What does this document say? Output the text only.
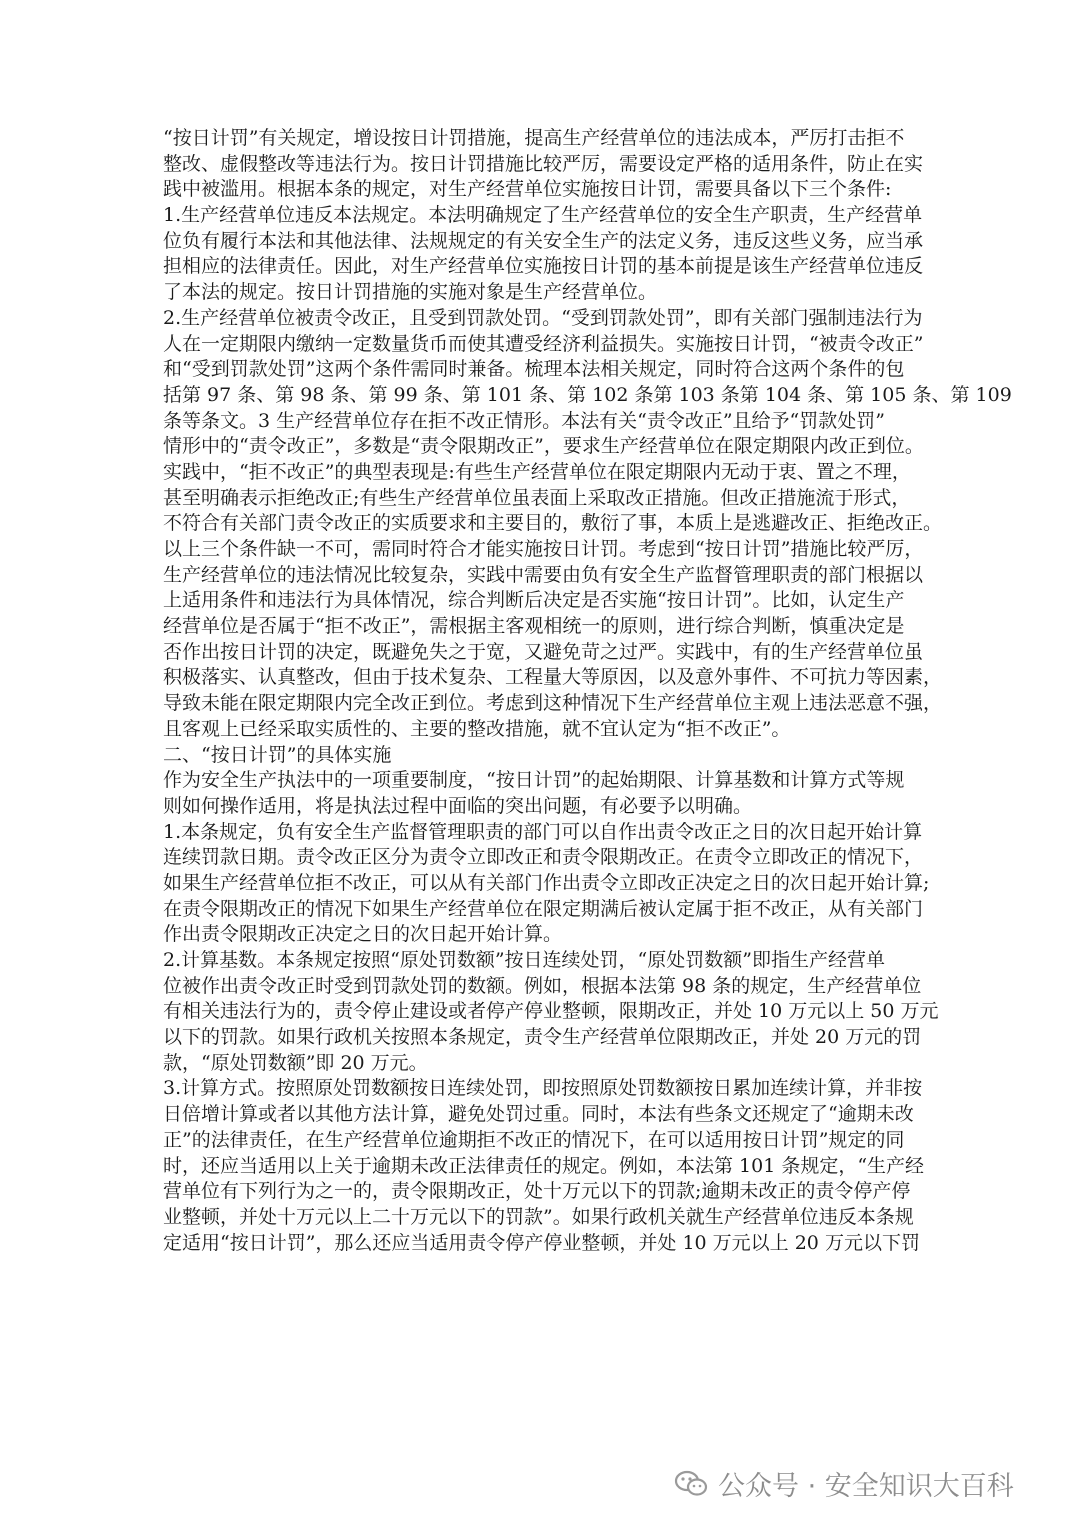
“按日计罚”有关规定，增设按日计罚措施，提高生产经营单位的违法成本，严厉打击拒不
整改、虚假整改等违法行为。按日计罚措施比较严厉，需要设定严格的适用条件，防止在实
践中被滥用。根据本条的规定，对生产经营单位实施按日计罚，需要具备以下三个条件:
1.生产经营单位违反本法规定。本法明确规定了生产经营单位的安全生产职责，生产经营单
位负有履行本法和其他法律、法规规定的有关安全生产的法定义务，违反这些义务，应当承
担相应的法律责任。因此，对生产经营单位实施按日计罚的基本前提是该生产经营单位违反
了本法的规定。按日计罚措施的实施对象是生产经营单位。
2.生产经营单位被责令改正，且受到罚款处罚。“受到罚款处罚”，即有关部门强制违法行为
人在一定期限内缴纳一定数量货币而使其遭受经济利益损失。实施按日计罚，“被责令改正”
和“受到罚款处罚”这两个条件需同时兼备。梳理本法相关规定，同时符合这两个条件的包
括第 97 条、第 98 条、第 99 条、第 101 条、第 102 条第 103 条第 104 条、第 105 条、第 109
条等条文。3 生产经营单位存在拒不改正情形。本法有关“责令改正”且给予“罚款处罚”
情形中的“责令改正”，多数是“责令限期改正”，要求生产经营单位在限定期限内改正到位。
实践中，“拒不改正”的典型表现是:有些生产经营单位在限定期限内无动于衷、置之不理，
甚至明确表示拒绝改正;有些生产经营单位虽表面上采取改正措施。但改正措施流于形式，
不符合有关部门责令改正的实质要求和主要目的，敷衍了事，本质上是逃避改正、拒绝改正。
以上三个条件缺一不可，需同时符合才能实施按日计罚。考虑到“按日计罚”措施比较严厉，
生产经营单位的违法情况比较复杂，实践中需要由负有安全生产监督管理职责的部门根据以
上适用条件和违法行为具体情况，综合判断后决定是否实施“按日计罚”。比如，认定生产
经营单位是否属于“拒不改正”，需根据主客观相统一的原则，进行综合判断，慎重决定是
否作出按日计罚的决定，既避免失之于宽，又避免苛之过严。实践中，有的生产经营单位虽
积极落实、认真整改，但由于技术复杂、工程量大等原因，以及意外事件、不可抗力等因素，
导致未能在限定期限内完全改正到位。考虑到这种情况下生产经营单位主观上违法恶意不强，
且客观上已经采取实质性的、主要的整改措施，就不宜认定为“拒不改正”。
二、“按日计罚”的具体实施
作为安全生产执法中的一项重要制度，“按日计罚”的起始期限、计算基数和计算方式等规
则如何操作适用，将是执法过程中面临的突出问题，有必要予以明确。
1.本条规定，负有安全生产监督管理职责的部门可以自作出责令改正之日的次日起开始计算
连续罚款日期。责令改正区分为责令立即改正和责令限期改正。在责令立即改正的情况下，
如果生产经营单位拒不改正，可以从有关部门作出责令立即改正决定之日的次日起开始计算;
在责令限期改正的情况下如果生产经营单位在限定期满后被认定属于拒不改正，从有关部门
作出责令限期改正决定之日的次日起开始计算。
2.计算基数。本条规定按照“原处罚数额”按日连续处罚，“原处罚数额”即指生产经营单
位被作出责令改正时受到罚款处罚的数额。例如，根据本法第 98 条的规定，生产经营单位
有相关违法行为的，责令停止建设或者停产停业整顿，限期改正，并处 10 万元以上 50 万元
以下的罚款。如果行政机关按照本条规定，责令生产经营单位限期改正，并处 20 万元的罚
款，“原处罚数额”即 20 万元。
3.计算方式。按照原处罚数额按日连续处罚，即按照原处罚数额按日累加连续计算，并非按
日倍增计算或者以其他方法计算，避免处罚过重。同时，本法有些条文还规定了“逾期未改
正”的法律责任，在生产经营单位逾期拒不改正的情况下，在可以适用按日计罚”规定的同
时，还应当适用以上关于逾期未改正法律责任的规定。例如，本法第 101 条规定，“生产经
营单位有下列行为之一的，责令限期改正，处十万元以下的罚款;逾期未改正的责令停产停
业整顿，并处十万元以上二十万元以下的罚款”。如果行政机关就生产经营单位违反本条规
定适用“按日计罚”，那么还应当适用责令停产停业整顿，并处 10 万元以上 20 万元以下罚
公众号 · 安全知识大百科
